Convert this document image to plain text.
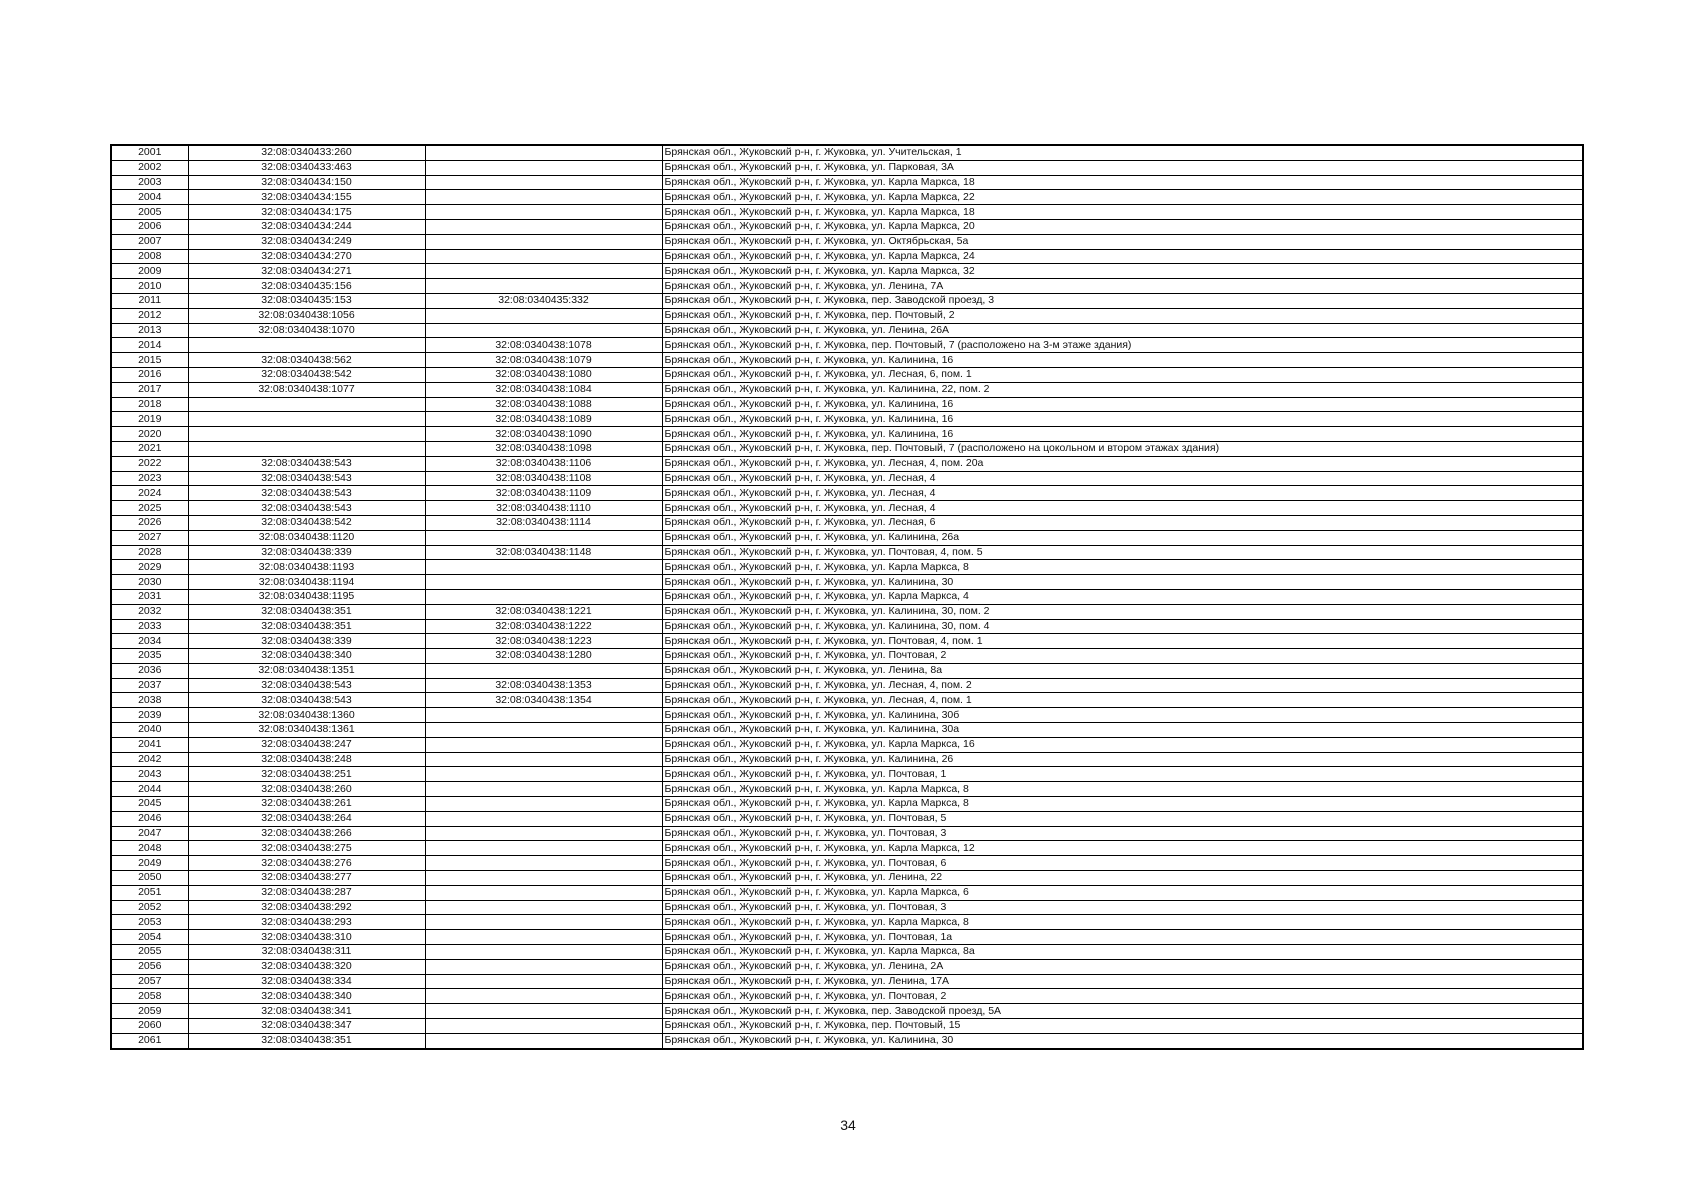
2001	32:08:0340433:260		Брянская обл., Жуковский р-н, г. Жуковка, ул. Учительская, 1
2002	32:08:0340433:463		Брянская обл., Жуковский р-н, г. Жуковка, ул. Парковая, 3А
2003	32:08:0340434:150		Брянская обл., Жуковский р-н, г. Жуковка, ул. Карла Маркса, 18
2004	32:08:0340434:155		Брянская обл., Жуковский р-н, г. Жуковка, ул. Карла Маркса, 22
2005	32:08:0340434:175		Брянская обл., Жуковский р-н, г. Жуковка, ул. Карла Маркса, 18
2006	32:08:0340434:244		Брянская обл., Жуковский р-н, г. Жуковка, ул. Карла Маркса, 20
2007	32:08:0340434:249		Брянская обл., Жуковский р-н, г. Жуковка, ул. Октябрьская, 5а
2008	32:08:0340434:270		Брянская обл., Жуковский р-н, г. Жуковка, ул. Карла Маркса, 24
2009	32:08:0340434:271		Брянская обл., Жуковский р-н, г. Жуковка, ул. Карла Маркса, 32
2010	32:08:0340435:156		Брянская обл., Жуковский р-н, г. Жуковка, ул. Ленина, 7А
2011	32:08:0340435:153	32:08:0340435:332	Брянская обл., Жуковский р-н, г. Жуковка, пер. Заводской проезд, 3
2012	32:08:0340438:1056		Брянская обл., Жуковский р-н, г. Жуковка, пер. Почтовый, 2
2013	32:08:0340438:1070		Брянская обл., Жуковский р-н, г. Жуковка, ул. Ленина, 26А
2014		32:08:0340438:1078	Брянская обл., Жуковский р-н, г. Жуковка, пер. Почтовый, 7 (расположено на 3-м этаже здания)
2015	32:08:0340438:562	32:08:0340438:1079	Брянская обл., Жуковский р-н, г. Жуковка, ул. Калинина, 16
2016	32:08:0340438:542	32:08:0340438:1080	Брянская обл., Жуковский р-н, г. Жуковка, ул. Лесная, 6, пом. 1
2017	32:08:0340438:1077	32:08:0340438:1084	Брянская обл., Жуковский р-н, г. Жуковка, ул. Калинина, 22, пом. 2
2018		32:08:0340438:1088	Брянская обл., Жуковский р-н, г. Жуковка, ул. Калинина, 16
2019		32:08:0340438:1089	Брянская обл., Жуковский р-н, г. Жуковка, ул. Калинина, 16
2020		32:08:0340438:1090	Брянская обл., Жуковский р-н, г. Жуковка, ул. Калинина, 16
2021		32:08:0340438:1098	Брянская обл., Жуковский р-н, г. Жуковка, пер. Почтовый, 7 (расположено на цокольном и втором этажах здания)
2022	32:08:0340438:543	32:08:0340438:1106	Брянская обл., Жуковский р-н, г. Жуковка, ул. Лесная, 4, пом. 20а
2023	32:08:0340438:543	32:08:0340438:1108	Брянская обл., Жуковский р-н, г. Жуковка, ул. Лесная, 4
2024	32:08:0340438:543	32:08:0340438:1109	Брянская обл., Жуковский р-н, г. Жуковка, ул. Лесная, 4
2025	32:08:0340438:543	32:08:0340438:1110	Брянская обл., Жуковский р-н, г. Жуковка, ул. Лесная, 4
2026	32:08:0340438:542	32:08:0340438:1114	Брянская обл., Жуковский р-н, г. Жуковка, ул. Лесная, 6
2027	32:08:0340438:1120		Брянская обл., Жуковский р-н, г. Жуковка, ул. Калинина, 26а
2028	32:08:0340438:339	32:08:0340438:1148	Брянская обл., Жуковский р-н, г. Жуковка, ул. Почтовая, 4, пом. 5
2029	32:08:0340438:1193		Брянская обл., Жуковский р-н, г. Жуковка, ул. Карла Маркса, 8
2030	32:08:0340438:1194		Брянская обл., Жуковский р-н, г. Жуковка, ул. Калинина, 30
2031	32:08:0340438:1195		Брянская обл., Жуковский р-н, г. Жуковка, ул. Карла Маркса, 4
2032	32:08:0340438:351	32:08:0340438:1221	Брянская обл., Жуковский р-н, г. Жуковка, ул. Калинина, 30, пом. 2
2033	32:08:0340438:351	32:08:0340438:1222	Брянская обл., Жуковский р-н, г. Жуковка, ул. Калинина, 30, пом. 4
2034	32:08:0340438:339	32:08:0340438:1223	Брянская обл., Жуковский р-н, г. Жуковка, ул. Почтовая, 4, пом. 1
2035	32:08:0340438:340	32:08:0340438:1280	Брянская обл., Жуковский р-н, г. Жуковка, ул. Почтовая, 2
2036	32:08:0340438:1351		Брянская обл., Жуковский р-н, г. Жуковка, ул. Ленина, 8а
2037	32:08:0340438:543	32:08:0340438:1353	Брянская обл., Жуковский р-н, г. Жуковка, ул. Лесная, 4, пом. 2
2038	32:08:0340438:543	32:08:0340438:1354	Брянская обл., Жуковский р-н, г. Жуковка, ул. Лесная, 4, пом. 1
2039	32:08:0340438:1360		Брянская обл., Жуковский р-н, г. Жуковка, ул. Калинина, 30б
2040	32:08:0340438:1361		Брянская обл., Жуковский р-н, г. Жуковка, ул. Калинина, 30а
2041	32:08:0340438:247		Брянская обл., Жуковский р-н, г. Жуковка, ул. Карла Маркса, 16
2042	32:08:0340438:248		Брянская обл., Жуковский р-н, г. Жуковка, ул. Калинина, 26
2043	32:08:0340438:251		Брянская обл., Жуковский р-н, г. Жуковка, ул. Почтовая, 1
2044	32:08:0340438:260		Брянская обл., Жуковский р-н, г. Жуковка, ул. Карла Маркса, 8
2045	32:08:0340438:261		Брянская обл., Жуковский р-н, г. Жуковка, ул. Карла Маркса, 8
2046	32:08:0340438:264		Брянская обл., Жуковский р-н, г. Жуковка, ул. Почтовая, 5
2047	32:08:0340438:266		Брянская обл., Жуковский р-н, г. Жуковка, ул. Почтовая, 3
2048	32:08:0340438:275		Брянская обл., Жуковский р-н, г. Жуковка, ул. Карла Маркса, 12
2049	32:08:0340438:276		Брянская обл., Жуковский р-н, г. Жуковка, ул. Почтовая, 6
2050	32:08:0340438:277		Брянская обл., Жуковский р-н, г. Жуковка, ул. Ленина, 22
2051	32:08:0340438:287		Брянская обл., Жуковский р-н, г. Жуковка, ул. Карла Маркса, 6
2052	32:08:0340438:292		Брянская обл., Жуковский р-н, г. Жуковка, ул. Почтовая, 3
2053	32:08:0340438:293		Брянская обл., Жуковский р-н, г. Жуковка, ул. Карла Маркса, 8
2054	32:08:0340438:310		Брянская обл., Жуковский р-н, г. Жуковка, ул. Почтовая, 1а
2055	32:08:0340438:311		Брянская обл., Жуковский р-н, г. Жуковка, ул. Карла Маркса, 8а
2056	32:08:0340438:320		Брянская обл., Жуковский р-н, г. Жуковка, ул. Ленина, 2А
2057	32:08:0340438:334		Брянская обл., Жуковский р-н, г. Жуковка, ул. Ленина, 17А
2058	32:08:0340438:340		Брянская обл., Жуковский р-н, г. Жуковка, ул. Почтовая, 2
2059	32:08:0340438:341		Брянская обл., Жуковский р-н, г. Жуковка, пер. Заводской проезд, 5А
2060	32:08:0340438:347		Брянская обл., Жуковский р-н, г. Жуковка, пер. Почтовый, 15
2061	32:08:0340438:351		Брянская обл., Жуковский р-н, г. Жуковка, ул. Калинина, 30
34
